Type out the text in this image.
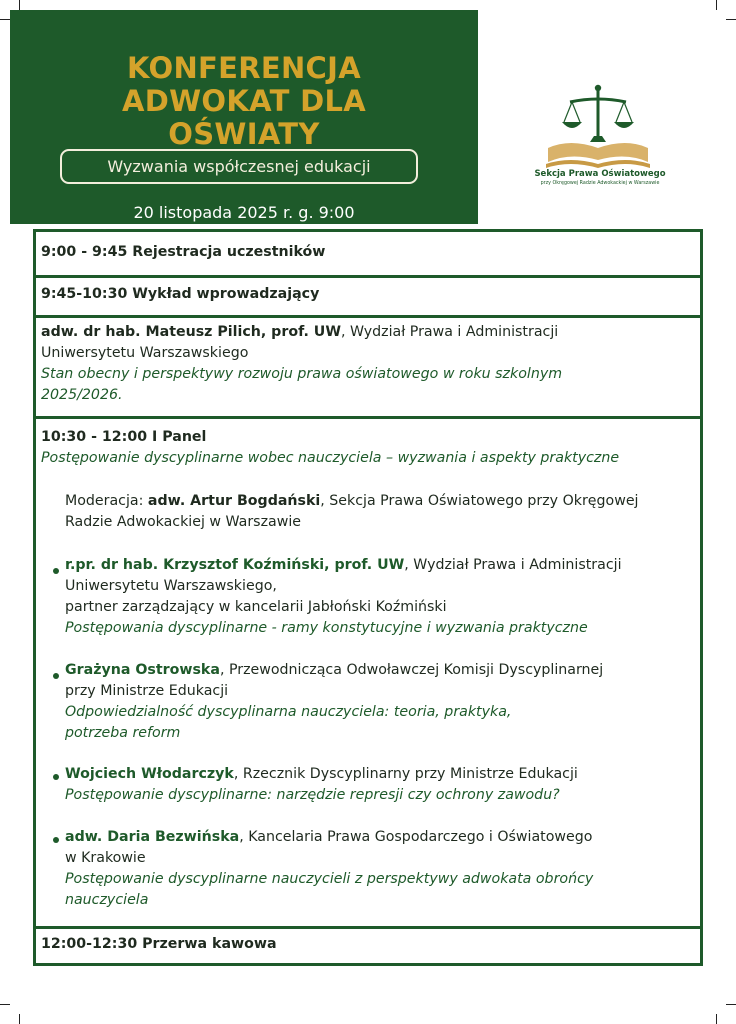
KONFERENCJA
ADWOKAT DLA
OŚWIATY
Wyzwania współczesnej edukacji
20 listopada 2025 r. g. 9:00
Sekcja Prawa Oświatowego
przy Okręgowej Radzie Adwokackiej w Warszawie
9:00 - 9:45 Rejestracja uczestników
9:45-10:30 Wykład wprowadzający
adw. dr hab. Mateusz Pilich, prof. UW, Wydział Prawa i Administracji
Uniwersytetu Warszawskiego
Stan obecny i perspektywy rozwoju prawa oświatowego w roku szkolnym
2025/2026.
10:30 - 12:00 I Panel
Postępowanie dyscyplinarne wobec nauczyciela – wyzwania i aspekty praktyczne
Moderacja: adw. Artur Bogdański, Sekcja Prawa Oświatowego przy Okręgowej
Radzie Adwokackiej w Warszawie
r.pr. dr hab. Krzysztof Koźmiński, prof. UW, Wydział Prawa i Administracji
Uniwersytetu Warszawskiego,
partner zarządzający w kancelarii Jabłoński Koźmiński
Postępowania dyscyplinarne - ramy konstytucyjne i wyzwania praktyczne
Grażyna Ostrowska, Przewodnicząca Odwoławczej Komisji Dyscyplinarnej
przy Ministrze Edukacji
Odpowiedzialność dyscyplinarna nauczyciela: teoria, praktyka,
potrzeba reform
Wojciech Włodarczyk, Rzecznik Dyscyplinarny przy Ministrze Edukacji
Postępowanie dyscyplinarne: narzędzie represji czy ochrony zawodu?
adw. Daria Bezwińska, Kancelaria Prawa Gospodarczego i Oświatowego
w Krakowie
Postępowanie dyscyplinarne nauczycieli z perspektywy adwokata obrońcy
nauczyciela
12:00-12:30 Przerwa kawowa
